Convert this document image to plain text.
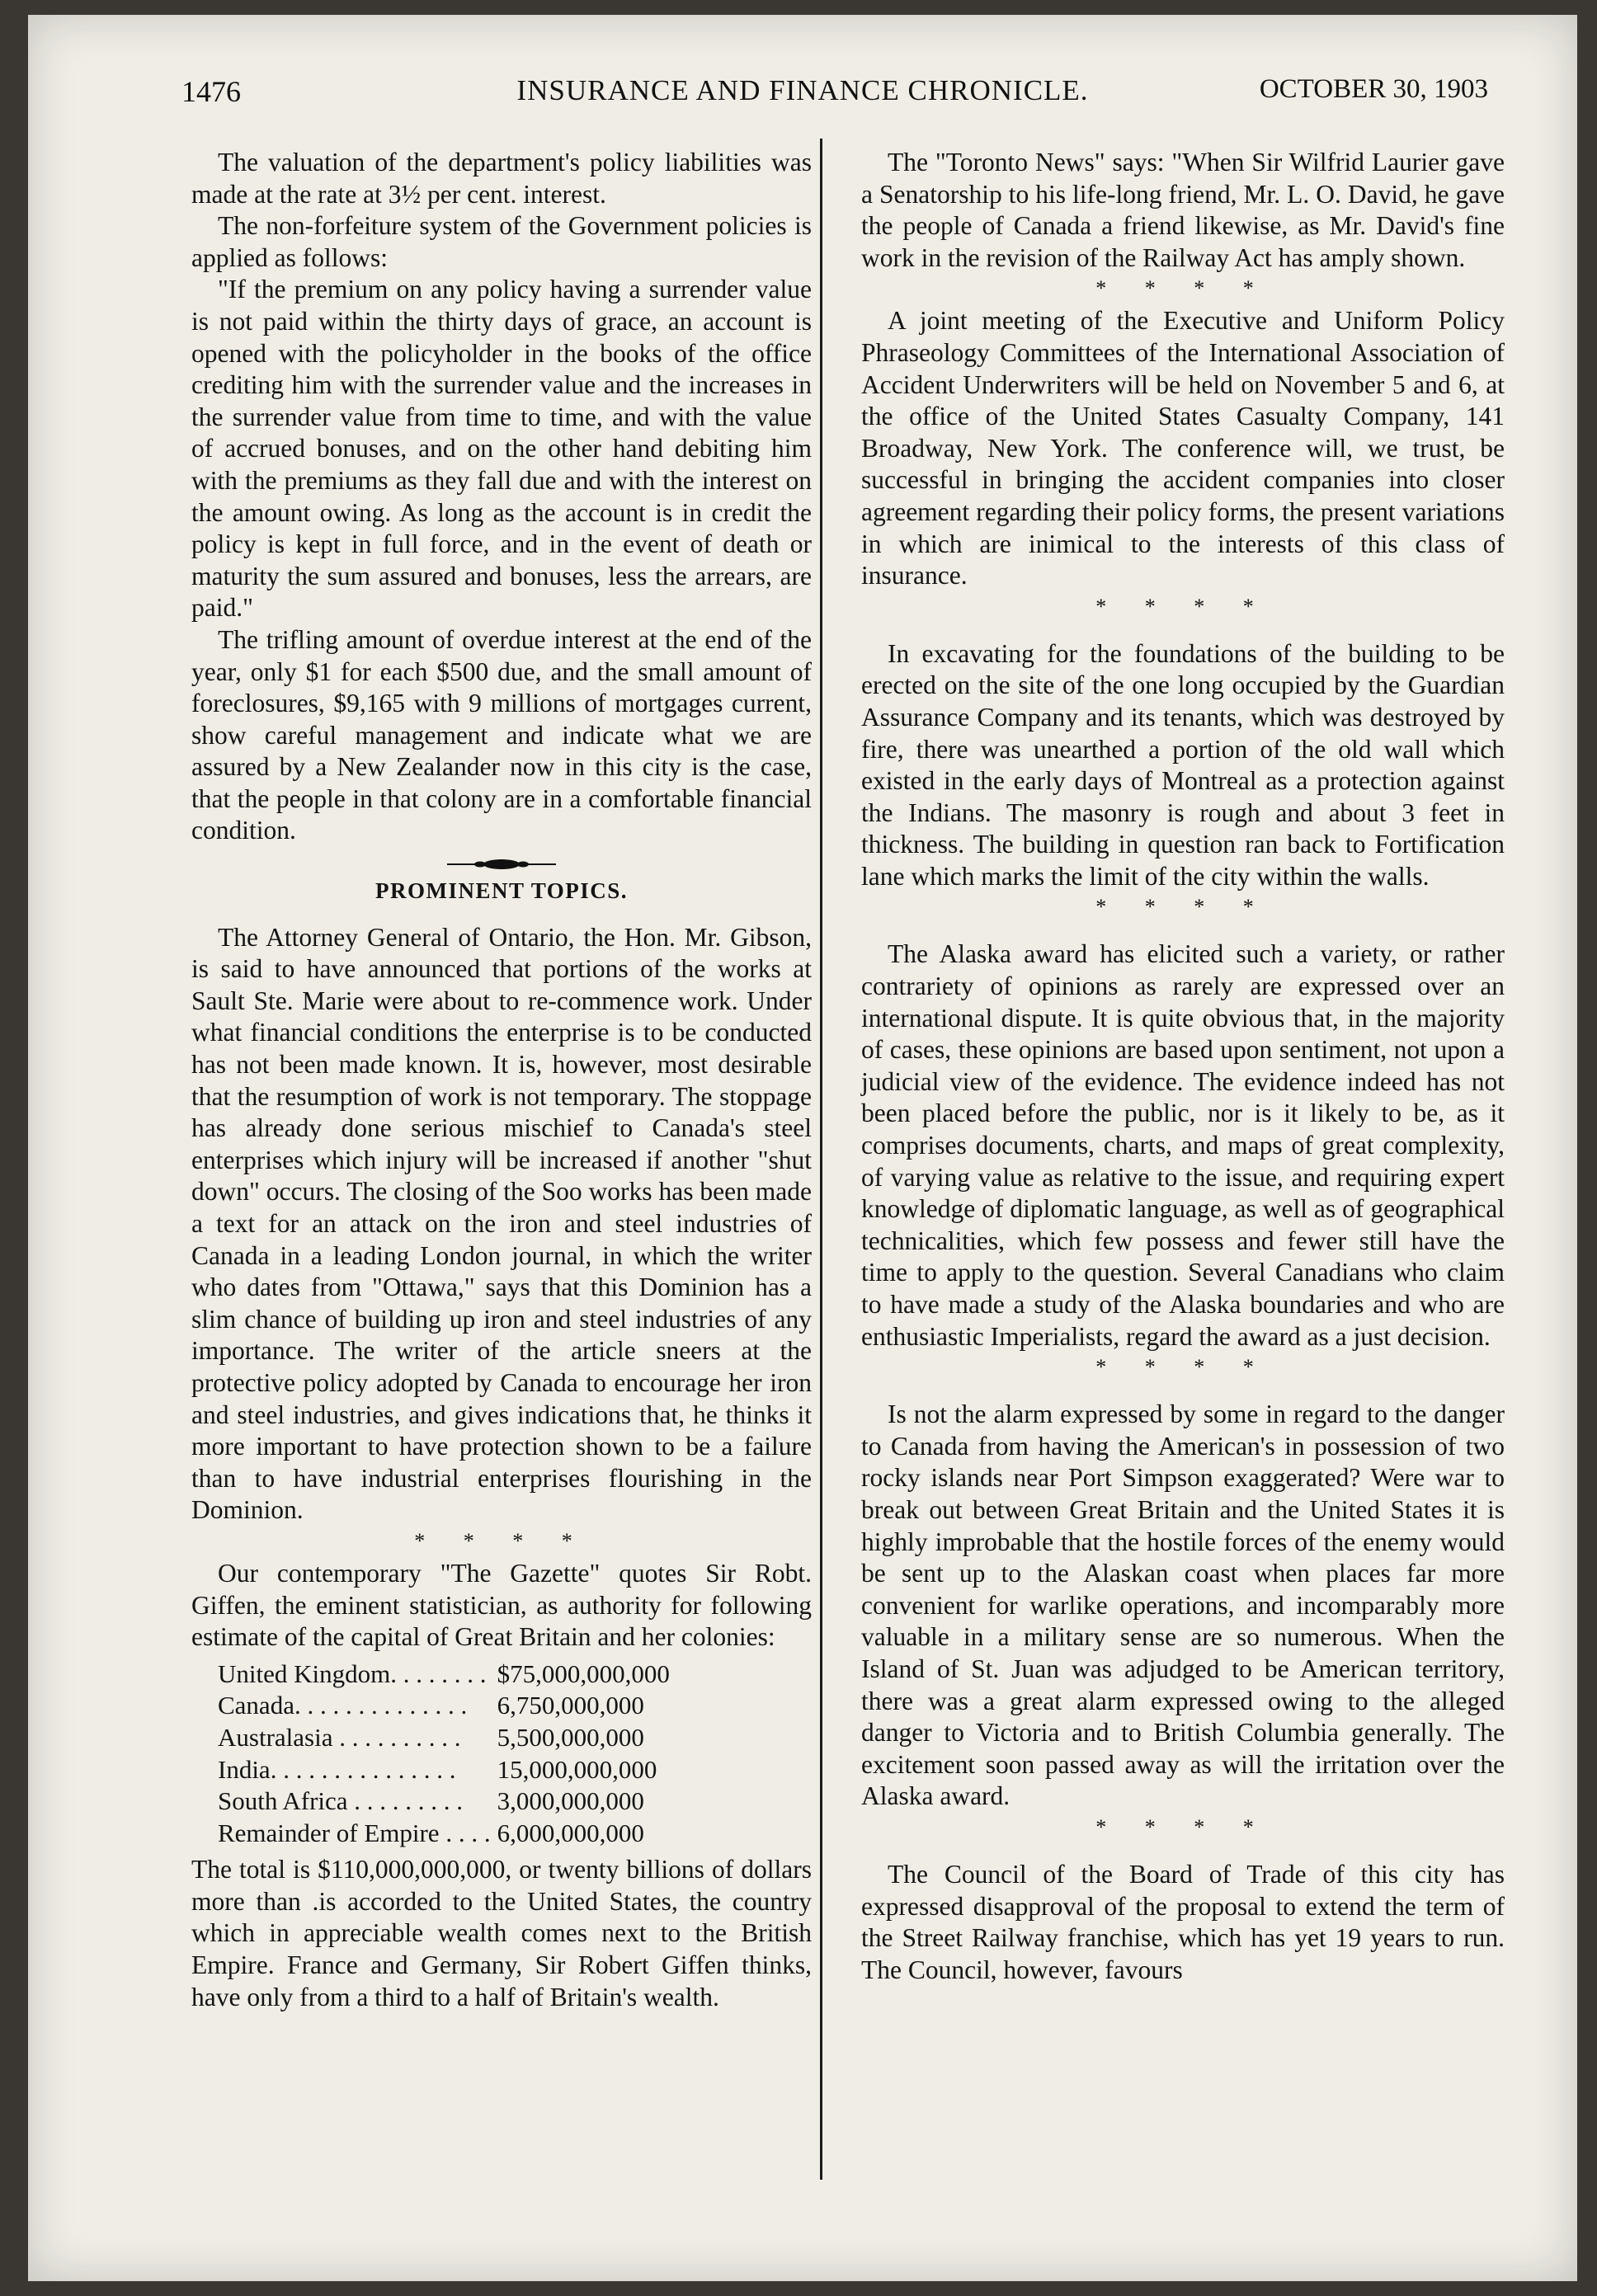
1476	INSURANCE AND FINANCE CHRONICLE.	OCTOBER 30, 1903

The valuation of the department's policy liabilities was made at the rate at 3½ per cent. interest.

The non-forfeiture system of the Government policies is applied as follows:

"If the premium on any policy having a surrender value is not paid within the thirty days of grace, an account is opened with the policyholder in the books of the office crediting him with the surrender value and the increases in the surrender value from time to time, and with the value of accrued bonuses, and on the other hand debiting him with the premiums as they fall due and with the interest on the amount owing. As long as the account is in credit the policy is kept in full force, and in the event of death or maturity the sum assured and bonuses, less the arrears, are paid."

The trifling amount of overdue interest at the end of the year, only $1 for each $500 due, and the small amount of foreclosures, $9,165 with 9 millions of mortgages current, show careful management and indicate what we are assured by a New Zealander now in this city is the case, that the people in that colony are in a comfortable financial condition.

PROMINENT TOPICS.

The Attorney General of Ontario, the Hon. Mr. Gibson, is said to have announced that portions of the works at Sault Ste. Marie were about to re-commence work. Under what financial conditions the enterprise is to be conducted has not been made known. It is, however, most desirable that the resumption of work is not temporary. The stoppage has already done serious mischief to Canada's steel enterprises which injury will be increased if another "shut down" occurs. The closing of the Soo works has been made a text for an attack on the iron and steel industries of Canada in a leading London journal, in which the writer who dates from "Ottawa," says that this Dominion has a slim chance of building up iron and steel industries of any importance. The writer of the article sneers at the protective policy adopted by Canada to encourage her iron and steel industries, and gives indications that, he thinks it more important to have protection shown to be a failure than to have industrial enterprises flourishing in the Dominion.

* * * *

Our contemporary "The Gazette" quotes Sir Robt. Giffen, the eminent statistician, as authority for following estimate of the capital of Great Britain and her colonies:

United Kingdom. . . . . . . .	$75,000,000,000
Canada. . . . . . . . . . . . . .	6,750,000,000
Australasia . . . . . . . . . .	5,500,000,000
India. . . . . . . . . . . . . . .	15,000,000,000
South Africa . . . . . . . . .	3,000,000,000
Remainder of Empire . . . .	6,000,000,000

The total is $110,000,000,000, or twenty billions of dollars more than .is accorded to the United States, the country which in appreciable wealth comes next to the British Empire. France and Germany, Sir Robert Giffen thinks, have only from a third to a half of Britain's wealth.

The "Toronto News" says: "When Sir Wilfrid Laurier gave a Senatorship to his life-long friend, Mr. L. O. David, he gave the people of Canada a friend likewise, as Mr. David's fine work in the revision of the Railway Act has amply shown.

* * * *

A joint meeting of the Executive and Uniform Policy Phraseology Committees of the International Association of Accident Underwriters will be held on November 5 and 6, at the office of the United States Casualty Company, 141 Broadway, New York. The conference will, we trust, be successful in bringing the accident companies into closer agreement regarding their policy forms, the present variations in which are inimical to the interests of this class of insurance.

* * * *

In excavating for the foundations of the building to be erected on the site of the one long occupied by the Guardian Assurance Company and its tenants, which was destroyed by fire, there was unearthed a portion of the old wall which existed in the early days of Montreal as a protection against the Indians. The masonry is rough and about 3 feet in thickness. The building in question ran back to Fortification lane which marks the limit of the city within the walls.

* * * *

The Alaska award has elicited such a variety, or rather contrariety of opinions as rarely are expressed over an international dispute. It is quite obvious that, in the majority of cases, these opinions are based upon sentiment, not upon a judicial view of the evidence. The evidence indeed has not been placed before the public, nor is it likely to be, as it comprises documents, charts, and maps of great complexity, of varying value as relative to the issue, and requiring expert knowledge of diplomatic language, as well as of geographical technicalities, which few possess and fewer still have the time to apply to the question. Several Canadians who claim to have made a study of the Alaska boundaries and who are enthusiastic Imperialists, regard the award as a just decision.

* * * *

Is not the alarm expressed by some in regard to the danger to Canada from having the American's in possession of two rocky islands near Port Simpson exaggerated? Were war to break out between Great Britain and the United States it is highly improbable that the hostile forces of the enemy would be sent up to the Alaskan coast when places far more convenient for warlike operations, and incomparably more valuable in a military sense are so numerous. When the Island of St. Juan was adjudged to be American territory, there was a great alarm expressed owing to the alleged danger to Victoria and to British Columbia generally. The excitement soon passed away as will the irritation over the Alaska award.

* * * *

The Council of the Board of Trade of this city has expressed disapproval of the proposal to extend the term of the Street Railway franchise, which has yet 19 years to run. The Council, however, favours
